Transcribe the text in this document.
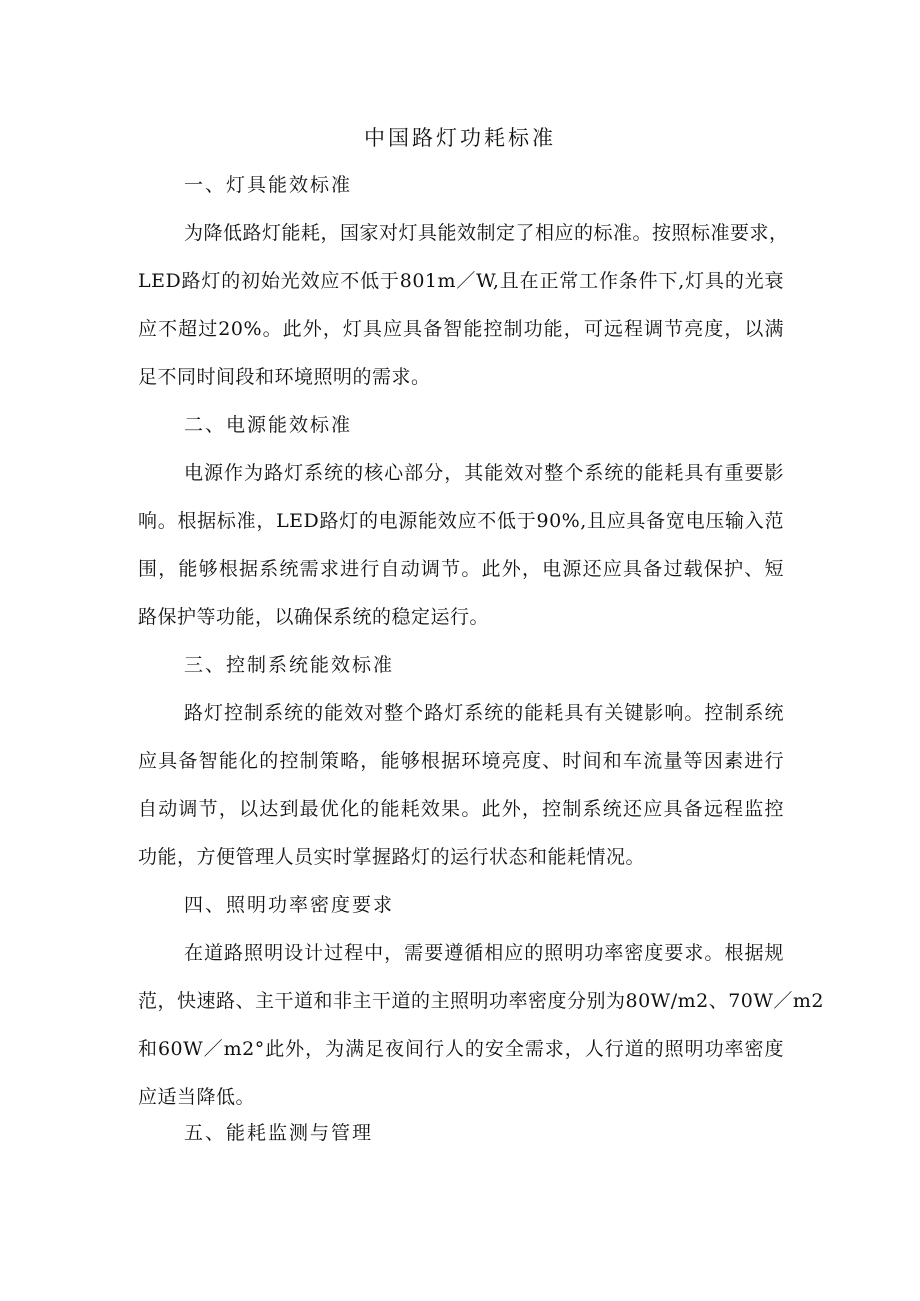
中国路灯功耗标准
一、灯具能效标准
为降低路灯能耗，国家对灯具能效制定了相应的标准。按照标准要求，
LED路灯的初始光效应不低于801m／W,且在正常工作条件下,灯具的光衰
应不超过20%。此外，灯具应具备智能控制功能，可远程调节亮度，以满
足不同时间段和环境照明的需求。
二、电源能效标准
电源作为路灯系统的核心部分，其能效对整个系统的能耗具有重要影
响。根据标准，LED路灯的电源能效应不低于90%,且应具备宽电压输入范
围，能够根据系统需求进行自动调节。此外，电源还应具备过载保护、短
路保护等功能，以确保系统的稳定运行。
三、控制系统能效标准
路灯控制系统的能效对整个路灯系统的能耗具有关键影响。控制系统
应具备智能化的控制策略，能够根据环境亮度、时间和车流量等因素进行
自动调节，以达到最优化的能耗效果。此外，控制系统还应具备远程监控
功能，方便管理人员实时掌握路灯的运行状态和能耗情况。
四、照明功率密度要求
在道路照明设计过程中，需要遵循相应的照明功率密度要求。根据规
范，快速路、主干道和非主干道的主照明功率密度分别为80W/m2、70W／m2
和60W／m2°此外，为满足夜间行人的安全需求，人行道的照明功率密度
应适当降低。
五、能耗监测与管理
